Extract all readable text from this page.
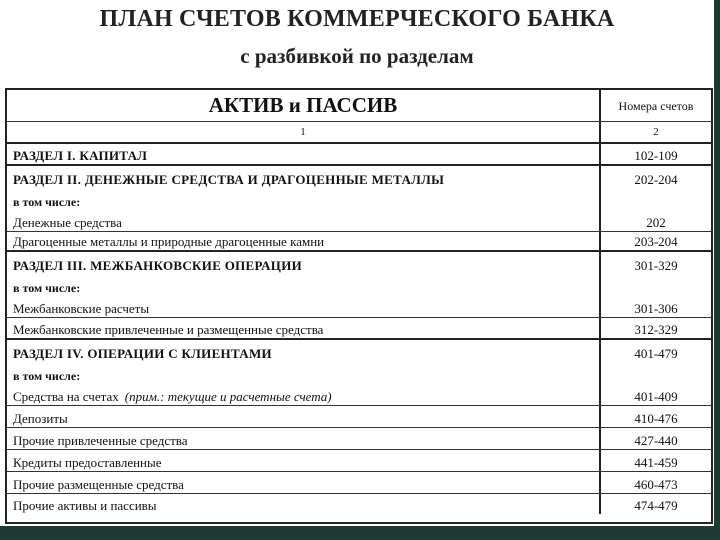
ПЛАН СЧЕТОВ КОММЕРЧЕСКОГО БАНКА
с разбивкой по разделам
АКТИВ и ПАССИВ	Номера счетов
1	2
РАЗДЕЛ I. КАПИТАЛ	102-109
РАЗДЕЛ II. ДЕНЕЖНЫЕ СРЕДСТВА И ДРАГОЦЕННЫЕ МЕТАЛЛЫ	202-204
в том числе:
Денежные средства	202
Драгоценные металлы и природные драгоценные камни	203-204
РАЗДЕЛ III. МЕЖБАНКОВСКИЕ ОПЕРАЦИИ	301-329
в том числе:
Межбанковские расчеты	301-306
Межбанковские привлеченные и размещенные средства	312-329
РАЗДЕЛ IV. ОПЕРАЦИИ С КЛИЕНТАМИ	401-479
в том числе:
Средства на счетах (прим.: текущие и расчетные счета)	401-409
Депозиты	410-476
Прочие привлеченные средства	427-440
Кредиты предоставленные	441-459
Прочие размещенные средства	460-473
Прочие активы и пассивы	474-479
